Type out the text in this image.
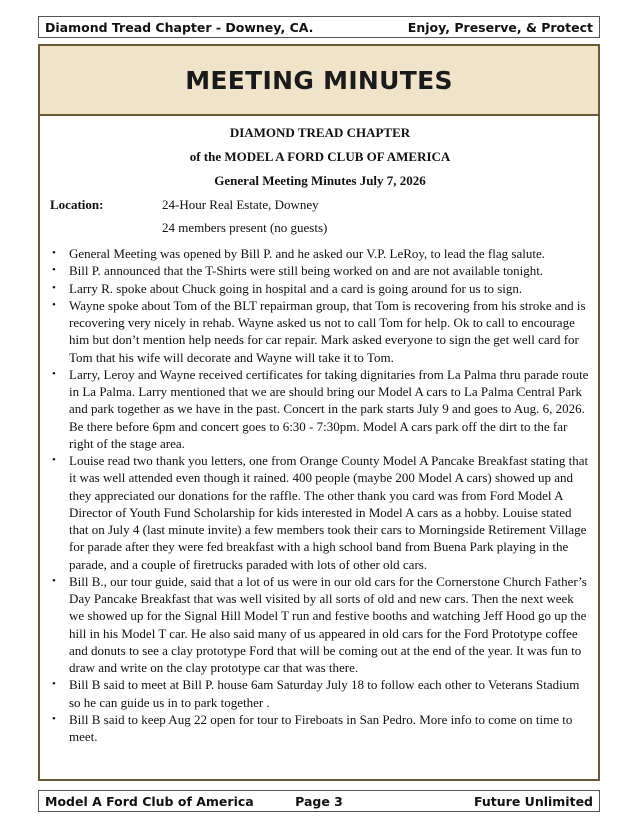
Diamond Tread Chapter - Downey, CA.	Enjoy, Preserve, & Protect
MEETING MINUTES
DIAMOND TREAD CHAPTER
of the MODEL A FORD CLUB OF AMERICA
General Meeting Minutes July 7, 2026
Location:	24-Hour Real Estate, Downey
24 members present (no guests)
• General Meeting was opened by Bill P. and he asked our V.P. LeRoy, to lead the flag salute.
• Bill P. announced that the T-Shirts were still being worked on and are not available tonight.
• Larry R. spoke about Chuck going in hospital and a card is going around for us to sign.
• Wayne spoke about Tom of the BLT repairman group, that Tom is recovering from his stroke and is recovering very nicely in rehab. Wayne asked us not to call Tom for help. Ok to call to encourage him but don’t mention help needs for car repair. Mark asked everyone to sign the get well card for Tom that his wife will decorate and Wayne will take it to Tom.
• Larry, Leroy and Wayne received certificates for taking dignitaries from La Palma thru parade route in La Palma. Larry mentioned that we are should bring our Model A cars to La Palma Central Park and park together as we have in the past. Concert in the park starts July 9 and goes to Aug. 6, 2026. Be there before 6pm and concert goes to 6:30 - 7:30pm. Model A cars park off the dirt to the far right of the stage area.
• Louise read two thank you letters, one from Orange County Model A Pancake Breakfast stating that it was well attended even though it rained. 400 people (maybe 200 Model A cars) showed up and they appreciated our donations for the raffle. The other thank you card was from Ford Model A Director of Youth Fund Scholarship for kids interested in Model A cars as a hobby. Louise stated that on July 4 (last minute invite) a few members took their cars to Morningside Retirement Village for parade after they were fed breakfast with a high school band from Buena Park playing in the parade, and a couple of firetrucks paraded with lots of other old cars.
• Bill B., our tour guide, said that a lot of us were in our old cars for the Cornerstone Church Father’s Day Pancake Breakfast that was well visited by all sorts of old and new cars. Then the next week we showed up for the Signal Hill Model T run and festive booths and watching Jeff Hood go up the hill in his Model T car. He also said many of us appeared in old cars for the Ford Prototype coffee and donuts to see a clay prototype Ford that will be coming out at the end of the year. It was fun to draw and write on the clay prototype car that was there.
• Bill B said to meet at Bill P. house 6am Saturday July 18 to follow each other to Veterans Stadium so he can guide us in to park together .
• Bill B said to keep Aug 22 open for tour to Fireboats in San Pedro. More info to come on time to meet.
Model A Ford Club of America	Page 3	Future Unlimited
